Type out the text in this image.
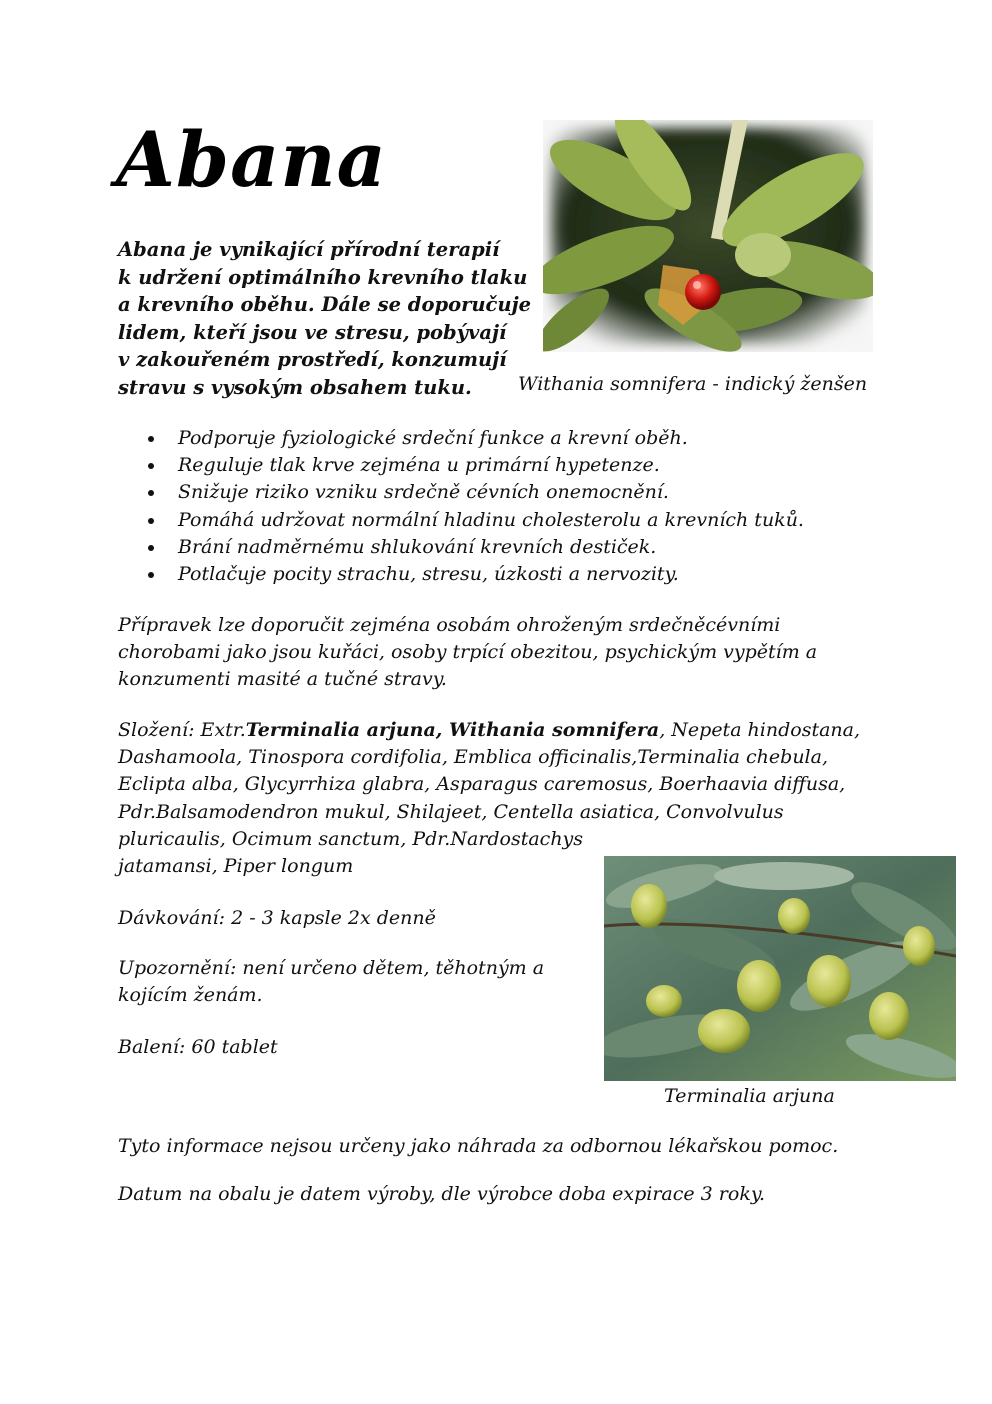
Abana
Abana je vynikající přírodní terapií
k udržení optimálního krevního tlaku
a krevního oběhu. Dále se doporučuje
lidem, kteří jsou ve stresu, pobývají
v zakouřeném prostředí, konzumují
stravu s vysokým obsahem tuku.	Withania somnifera - indický ženšen
Podporuje fyziologické srdeční funkce a krevní oběh.
Reguluje tlak krve zejména u primární hypetenze.
Snižuje riziko vzniku srdečně cévních onemocnění.
Pomáhá udržovat normální hladinu cholesterolu a krevních tuků.
Brání nadměrnému shlukování krevních destiček.
Potlačuje pocity strachu, stresu, úzkosti a nervozity.
Přípravek lze doporučit zejména osobám ohroženým srdečněcévními
chorobami jako jsou kuřáci, osoby trpící obezitou, psychickým vypětím a
konzumenti masité a tučné stravy.
Složení: Extr.Terminalia arjuna, Withania somnifera, Nepeta hindostana,
Dashamoola, Tinospora cordifolia, Emblica officinalis,Terminalia chebula,
Eclipta alba, Glycyrrhiza glabra, Asparagus caremosus, Boerhaavia diffusa,
Pdr.Balsamodendron mukul, Shilajeet, Centella asiatica, Convolvulus
pluricaulis, Ocimum sanctum, Pdr.Nardostachys
jatamansi, Piper longum
Dávkování: 2 - 3 kapsle 2x denně
Upozornění: není určeno dětem, těhotným a
kojícím ženám.
Balení: 60 tablet
Terminalia arjuna
Tyto informace nejsou určeny jako náhrada za odbornou lékařskou pomoc.
Datum na obalu je datem výroby, dle výrobce doba expirace 3 roky.
